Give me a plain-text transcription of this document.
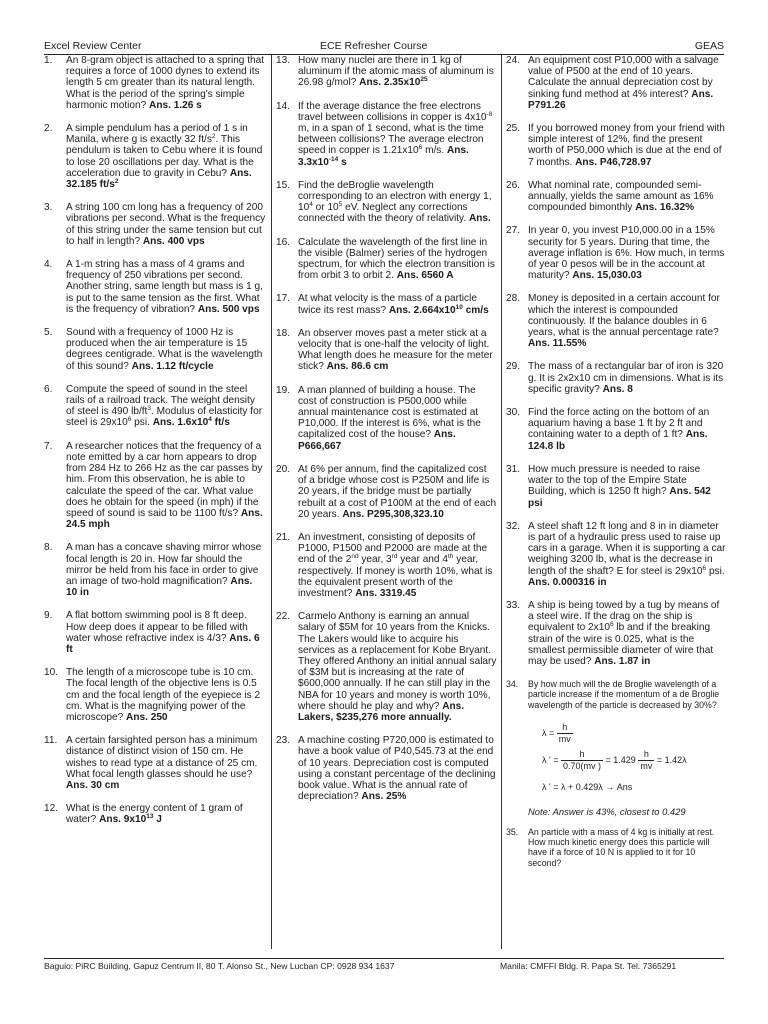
Excel Review Center	ECE Refresher Course	GEAS
1. An 8-gram object is attached to a spring that requires a force of 1000 dynes to extend its length 5 cm greater than its natural length. What is the period of the spring's simple harmonic motion? Ans. 1.26 s
2. A simple pendulum has a period of 1 s in Manila, where g is exactly 32 $ft/s^2$. This pendulum is taken to Cebu where it is found to lose 20 oscillations per day. What is the acceleration due to gravity in Cebu? Ans. 32.185 $ft/s^2$
3. A string 100 cm long has a frequency of 200 vibrations per second. What is the frequency of this string under the same tension but cut to half in length? Ans. 400 vps
4. A 1-m string has a mass of 4 grams and frequency of 250 vibrations per second. Another string, same length but mass is 1 g, is put to the same tension as the first. What is the frequency of vibration? Ans. 500 vps
5. Sound with a frequency of 1000 Hz is produced when the air temperature is 15 degrees centigrade. What is the wavelength of this sound? Ans. 1.12 ft/cycle
6. Compute the speed of sound in the steel rails of a railroad track. The weight density of steel is 490 $lb/ft^3$. Modulus of elasticity for steel is $29x10^6$ psi. Ans. $1.6x10^4$ ft/s
7. A researcher notices that the frequency of a note emitted by a car horn appears to drop from 284 Hz to 266 Hz as the car passes by him. From this observation, he is able to calculate the speed of the car. What value does he obtain for the speed (in mph) if the speed of sound is said to be 1100 ft/s? Ans. 24.5 mph
8. A man has a concave shaving mirror whose focal length is 20 in. How far should the mirror be held from his face in order to give an image of two-hold magnification? Ans. 10 in
9. A flat bottom swimming pool is 8 ft deep. How deep does it appear to be filled with water whose refractive index is 4/3? Ans. 6 ft
10. The length of a microscope tube is 10 cm. The focal length of the objective lens is 0.5 cm and the focal length of the eyepiece is 2 cm. What is the magnifying power of the microscope? Ans. 250
11. A certain farsighted person has a minimum distance of distinct vision of 150 cm. He wishes to read type at a distance of 25 cm. What focal length glasses should he use? Ans. 30 cm
12. What is the energy content of 1 gram of water? Ans. $9x10^{13}$ J
13. How many nuclei are there in 1 kg of aluminum if the atomic mass of aluminum is 26.98 g/mol? Ans. $2.35x10^{25}$
14. If the average distance the free electrons travel between collisions in copper is $4x10^{-8}$ m, in a span of 1 second, what is the time between collisions? The average electron speed in copper is $1.21x10^6$ m/s. Ans. $3.3x10^{-14}$ s
15. Find the deBroglie wavelength corresponding to an electron with energy 1, $10^4$ or $10^5$ eV. Neglect any corrections connected with the theory of relativity. Ans.
16. Calculate the wavelength of the first line in the visible (Balmer) series of the hydrogen spectrum, for which the electron transition is from orbit 3 to orbit 2. Ans. 6560 A
17. At what velocity is the mass of a particle twice its rest mass? Ans. $2.664x10^{10}$ cm/s
18. An observer moves past a meter stick at a velocity that is one-half the velocity of light. What length does he measure for the meter stick? Ans. 86.6 cm
19. A man planned of building a house. The cost of construction is P500,000 while annual maintenance cost is estimated at P10,000. If the interest is 6%, what is the capitalized cost of the house? Ans. P666,667
20. At 6% per annum, find the capitalized cost of a bridge whose cost is P250M and life is 20 years, if the bridge must be partially rebuilt at a cost of P100M at the end of each 20 years. Ans. P295,308,323.10
21. An investment, consisting of deposits of P1000, P1500 and P2000 are made at the end of the 2nd year, 3rd year and 4th year, respectively. If money is worth 10%, what is the equivalent present worth of the investment? Ans. 3319.45
22. Carmelo Anthony is earning an annual salary of $5M for 10 years from the Knicks. The Lakers would like to acquire his services as a replacement for Kobe Bryant. They offered Anthony an initial annual salary of $3M but is increasing at the rate of $600,000 annually. If he can still play in the NBA for 10 years and money is worth 10%, where should he play and why? Ans. Lakers, $235,276 more annually.
23. A machine costing P720,000 is estimated to have a book value of P40,545.73 at the end of 10 years. Depreciation cost is computed using a constant percentage of the declining book value. What is the annual rate of depreciation? Ans. 25%
24. An equipment cost P10,000 with a salvage value of P500 at the end of 10 years. Calculate the annual depreciation cost by sinking fund method at 4% interest? Ans. P791.26
25. If you borrowed money from your friend with simple interest of 12%, find the present worth of P50,000 which is due at the end of 7 months. Ans. P46,728.97
26. What nominal rate, compounded semi-annually, yields the same amount as 16% compounded bimonthly Ans. 16.32%
27. In year 0, you invest P10,000.00 in a 15% security for 5 years. During that time, the average inflation is 6%. How much, in terms of year 0 pesos will be in the account at maturity? Ans. 15,030.03
28. Money is deposited in a certain account for which the interest is compounded continuously. If the balance doubles in 6 years, what is the annual percentage rate? Ans. 11.55%
29. The mass of a rectangular bar of iron is 320 g. It is 2x2x10 cm in dimensions. What is its specific gravity? Ans. 8
30. Find the force acting on the bottom of an aquarium having a base 1 ft by 2 ft and containing water to a depth of 1 ft? Ans. 124.8 lb
31. How much pressure is needed to raise water to the top of the Empire State Building, which is 1250 ft high? Ans. 542 psi
32. A steel shaft 12 ft long and 8 in in diameter is part of a hydraulic press used to raise up cars in a garage. When it is supporting a car weighing 3200 lb, what is the decrease in length of the shaft? E for steel is $29x10^6$ psi. Ans. 0.000316 in
33. A ship is being towed by a tug by means of a steel wire. If the drag on the ship is equivalent to $2x10^6$ lb and if the breaking strain of the wire is 0.025, what is the smallest permissible diameter of wire that may be used? Ans. 1.87 in
34. By how much will the de Broglie wavelength of a particle increase if the momentum of a de Broglie wavelength of the particle is decreased by 30%?
$\lambda = \frac{h}{mv}$
λ ' = $\frac{h}{0.70(mv )} = 1.429 \frac{h}{mv} = 1.42\lambda$
λ ' = λ + 0.429λ → Ans
Note: Answer is 43%, closest to 0.429
35. An particle with a mass of 4 kg is initially at rest. How much kinetic energy does this particle will have if a force of 10 N is applied to it for 10 second?
Baguio: PiRC Building, Gapuz Centrum II, 80 T. Alonso St., New Lucban CP: 0928 934 1637	Manila: CMFFI Bldg. R. Papa St. Tel. 7365291
